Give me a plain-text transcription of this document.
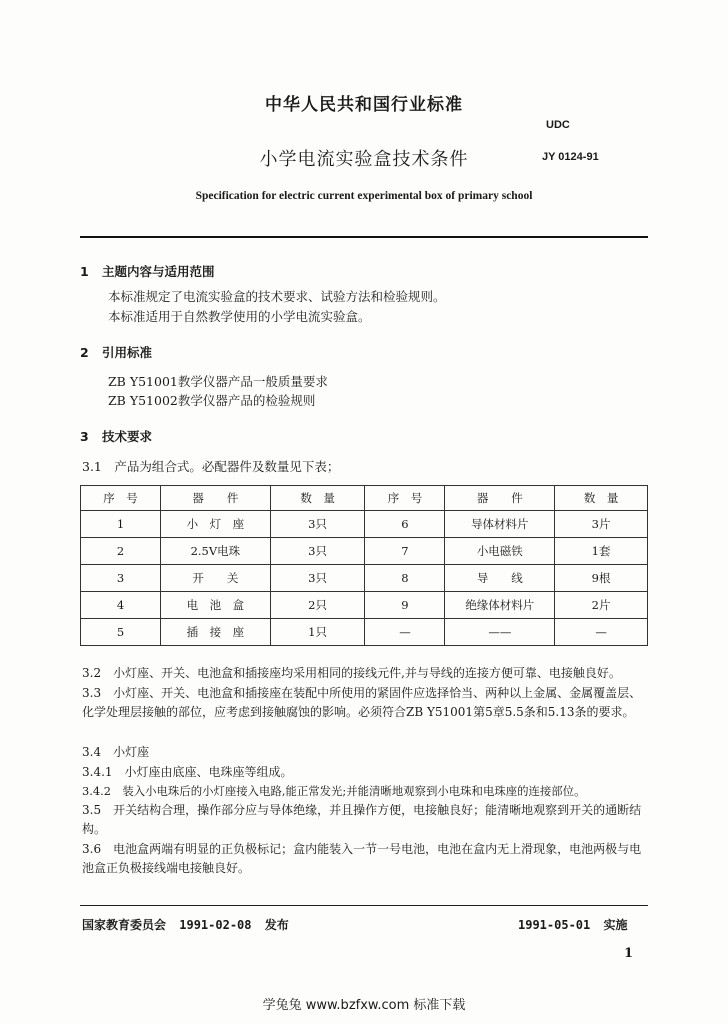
中华人民共和国行业标准
UDC
小学电流实验盒技术条件	JY 0124-91
Specification for electric current experimental box of primary school
1 主题内容与适用范围
本标准规定了电流实验盒的技术要求、试验方法和检验规则。
本标准适用于自然教学使用的小学电流实验盒。
2 引用标准
ZB Y51001教学仪器产品一般质量要求
ZB Y51002教学仪器产品的检验规则
3 技术要求
3.1　产品为组合式。必配器件及数量见下表；
序　号	器　　件	数　量	序　号	器　　件	数　量
1	小　灯　座	3只	6	导体材料片	3片
2	2.5V电珠	3只	7	小电磁铁	1套
3	开　　关	3只	8	导　　线	9根
4	电　池　盒	2只	9	绝缘体材料片	2片
5	插　接　座	1只	—	——	—
3.2　小灯座、开关、电池盒和插接座均采用相同的接线元件,并与导线的连接方便可靠、电接触良好。
3.3　小灯座、开关、电池盒和插接座在装配中所使用的紧固件应选择恰当、两种以上金属、金属覆盖层、化学处理层接触的部位，应考虑到接触腐蚀的影响。必须符合ZB Y51001第5章5.5条和5.13条的要求。
3.4　小灯座
3.4.1　小灯座由底座、电珠座等组成。
3.4.2　装入小电珠后的小灯座接入电路,能正常发光;并能清晰地观察到小电珠和电珠座的连接部位。
3.5　开关结构合理，操作部分应与导体绝缘，并且操作方便，电接触良好；能清晰地观察到开关的通断结构。
3.6　电池盒两端有明显的正负极标记；盒内能装入一节一号电池，电池在盒内无上滑现象，电池两极与电池盒正负极接线端电接触良好。
国家教育委员会 1991-02-08 发布	1991-05-01 实施
1
学兔兔 www.bzfxw.com 标准下载
